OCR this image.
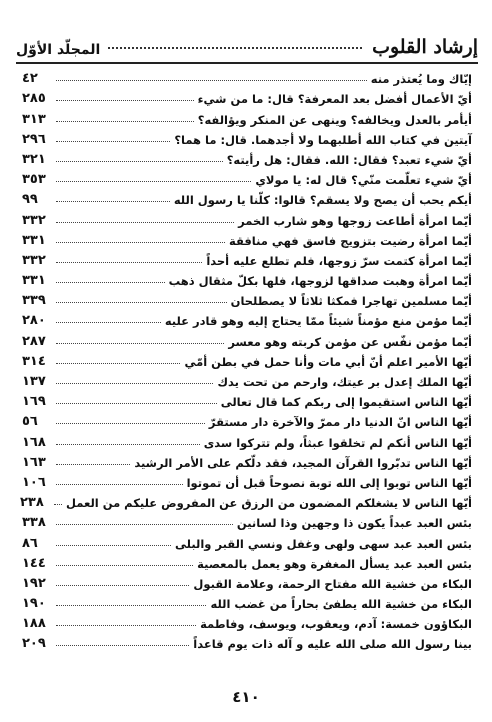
إرشاد القلوب
المجلّد الأوّل
إيّاك وما يُعتذر منه
٤٢
أيّ الأعمال أفضل بعد المعرفة؟ قال: ما من شيء
٢٨٥
أيأمر بالعدل ويخالفه؟ وينهى عن المنكر ويؤالفه؟
٣١٣
آيتين في كتاب الله أطلبهما ولا أجدهما. قال: ما هما؟
٢٩٦
أيّ شيء تعبد؟ فقال: الله. فقال: هل رأيته؟
٣٢١
أيّ شيء تعلّمت منّي؟ قال له: يا مولاي
٣٥٣
أيكم يحب أن يصح ولا يسقم؟ قالوا: كلّنا يا رسول الله
٩٩
أيّما امرأة أطاعت زوجها وهو شارب الخمر
٣٣٢
أيّما امرأة رضيت بتزويج فاسق فهي منافقة
٣٣١
أيّما امرأة كتمت سرّ زوجها، فلم تطلع عليه أحداً
٣٣٢
أيّما امرأة وهبت صداقها لزوجها، فلها بكلّ مثقال ذهب
٣٣١
أيّما مسلمين تهاجرا فمكثا ثلاثاً لا يصطلحان
٣٣٩
أيّما مؤمن منع مؤمناً شيئاً ممّا يحتاج إليه وهو قادر عليه
٢٨٠
أيّما مؤمن نفّس عن مؤمن كربته وهو معسر
٢٨٧
أيّها الأمير اعلم أنّ أبي مات وأنا حمل في بطن أمّي
٣١٤
أيّها الملك إعدل بر عيتك، وارحم من تحت يدك
١٣٧
أيّها الناس استقيموا إلى ربكم كما قال تعالى
١٦٩
أيّها الناس انّ الدنيا دار ممرّ والآخرة دار مستقرّ
٥٦
أيّها الناس أنكم لم تخلقوا عبثاً، ولم تتركوا سدى
١٦٨
أيّها الناس تدبّروا القرآن المجيد، فقد دلّكم على الأمر الرشيد
١٦٣
أيّها الناس توبوا إلى الله توبة نصوحاً قبل أن تموتوا
١٠٦
أيّها الناس لا يشغلكم المضمون من الرزق عن المفروض عليكم من العمل
٢٣٨
بئس العبد عبداً يكون ذا وجهين وذا لسانين
٣٣٨
بئس العبد عبد سهى ولهى وغفل ونسي القبر والبلى
٨٦
بئس العبد عبد يسأل المغفرة وهو يعمل بالمعصية
١٤٤
البكاء من خشية الله مفتاح الرحمة، وعلامة القبول
١٩٢
البكاء من خشية الله يطفئ بحاراً من غضب الله
١٩٠
البكاؤون خمسة: آدم، ويعقوب، ويوسف، وفاطمة
١٨٨
بينا رسول الله صلى الله عليه و آله ذات يوم قاعداً
٢٠٩
٤١٠
